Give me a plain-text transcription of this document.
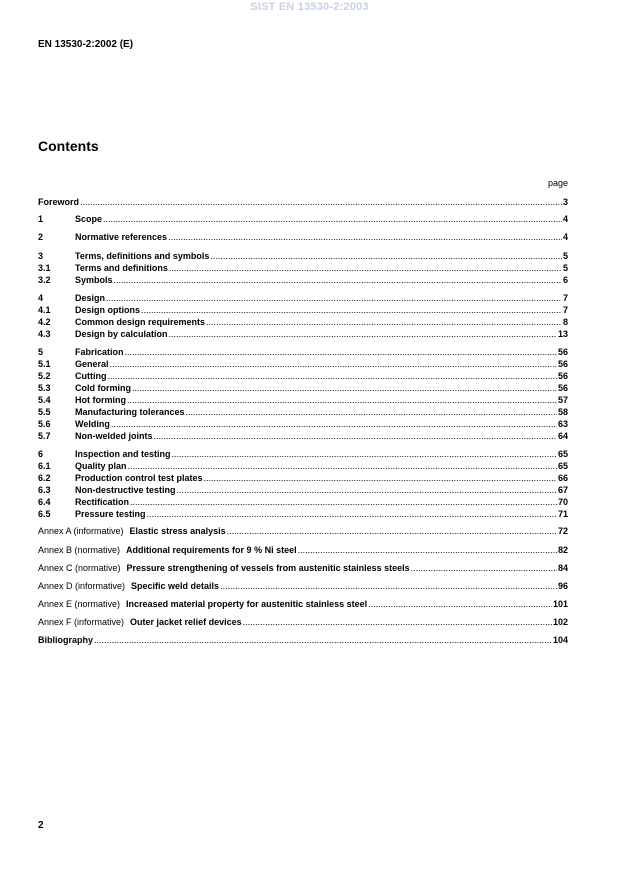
SIST EN 13530-2:2003
EN 13530-2:2002 (E)
Contents
page
Foreword .....	3
1	Scope .....	4
2	Normative references .....	4
3	Terms, definitions and symbols .....	5
3.1	Terms and definitions .....	5
3.2	Symbols .....	6
4	Design .....	7
4.1	Design options .....	7
4.2	Common design requirements .....	8
4.3	Design by calculation .....	13
5	Fabrication .....	56
5.1	General .....	56
5.2	Cutting .....	56
5.3	Cold forming .....	56
5.4	Hot forming .....	57
5.5	Manufacturing tolerances .....	58
5.6	Welding .....	63
5.7	Non-welded joints .....	64
6	Inspection and testing .....	65
6.1	Quality plan .....	65
6.2	Production control test plates .....	66
6.3	Non-destructive testing .....	67
6.4	Rectification .....	70
6.5	Pressure testing .....	71
Annex A (informative) Elastic stress analysis .....	72
Annex B (normative) Additional requirements for 9 % Ni steel .....	82
Annex C (normative) Pressure strengthening of vessels from austenitic stainless steels .....	84
Annex D (informative) Specific weld details .....	96
Annex E (normative) Increased material property for austenitic stainless steel .....	101
Annex F (informative) Outer jacket relief devices .....	102
Bibliography .....	104
2
